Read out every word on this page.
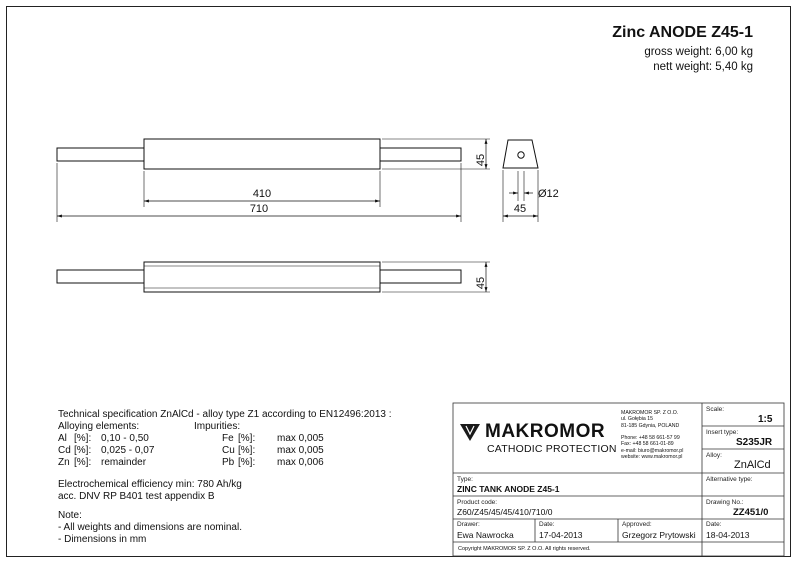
Zinc ANODE Z45-1
gross weight: 6,00 kg
nett weight: 5,40 kg
45
410
710
Ø12
45
45
Technical specification ZnAlCd - alloy type Z1 according to EN12496:2013 :
Alloying elements:	Impurities:
Al [%]: 0,10 - 0,50
Cd [%]: 0,025 - 0,07
Zn [%]: remainder
Fe [%]: max 0,005
Cu [%]: max 0,005
Pb [%]: max 0,006
Electrochemical efficiency min: 780 Ah/kg
acc. DNV RP B401 test appendix B
Note:
- All weights and dimensions are nominal.
- Dimensions in mm
MAKROMOR
CATHODIC PROTECTION
MAKROMOR SP. Z O.O.
ul. Gołębia 15
81-185 Gdynia, POLAND

Phone: +48 58 661-57 99
Fax: +48 58 661-01-89
e-mail: biuro@makromor.pl
website: www.makromor.pl
Scale:
1:5
Insert type:
S235JR
Alloy:
ZnAlCd
Alternative type:
Type:
ZINC TANK ANODE Z45-1
Product code:
Z60/Z45/45/45/410/710/0
Drawing No.:
ZZ451/0
Drawer:
Ewa Nawrocka
Date:
17-04-2013
Approved:
Grzegorz Prytowski
Date:
18-04-2013
Copyright MAKROMOR SP. Z O.O. All rights reserved.
